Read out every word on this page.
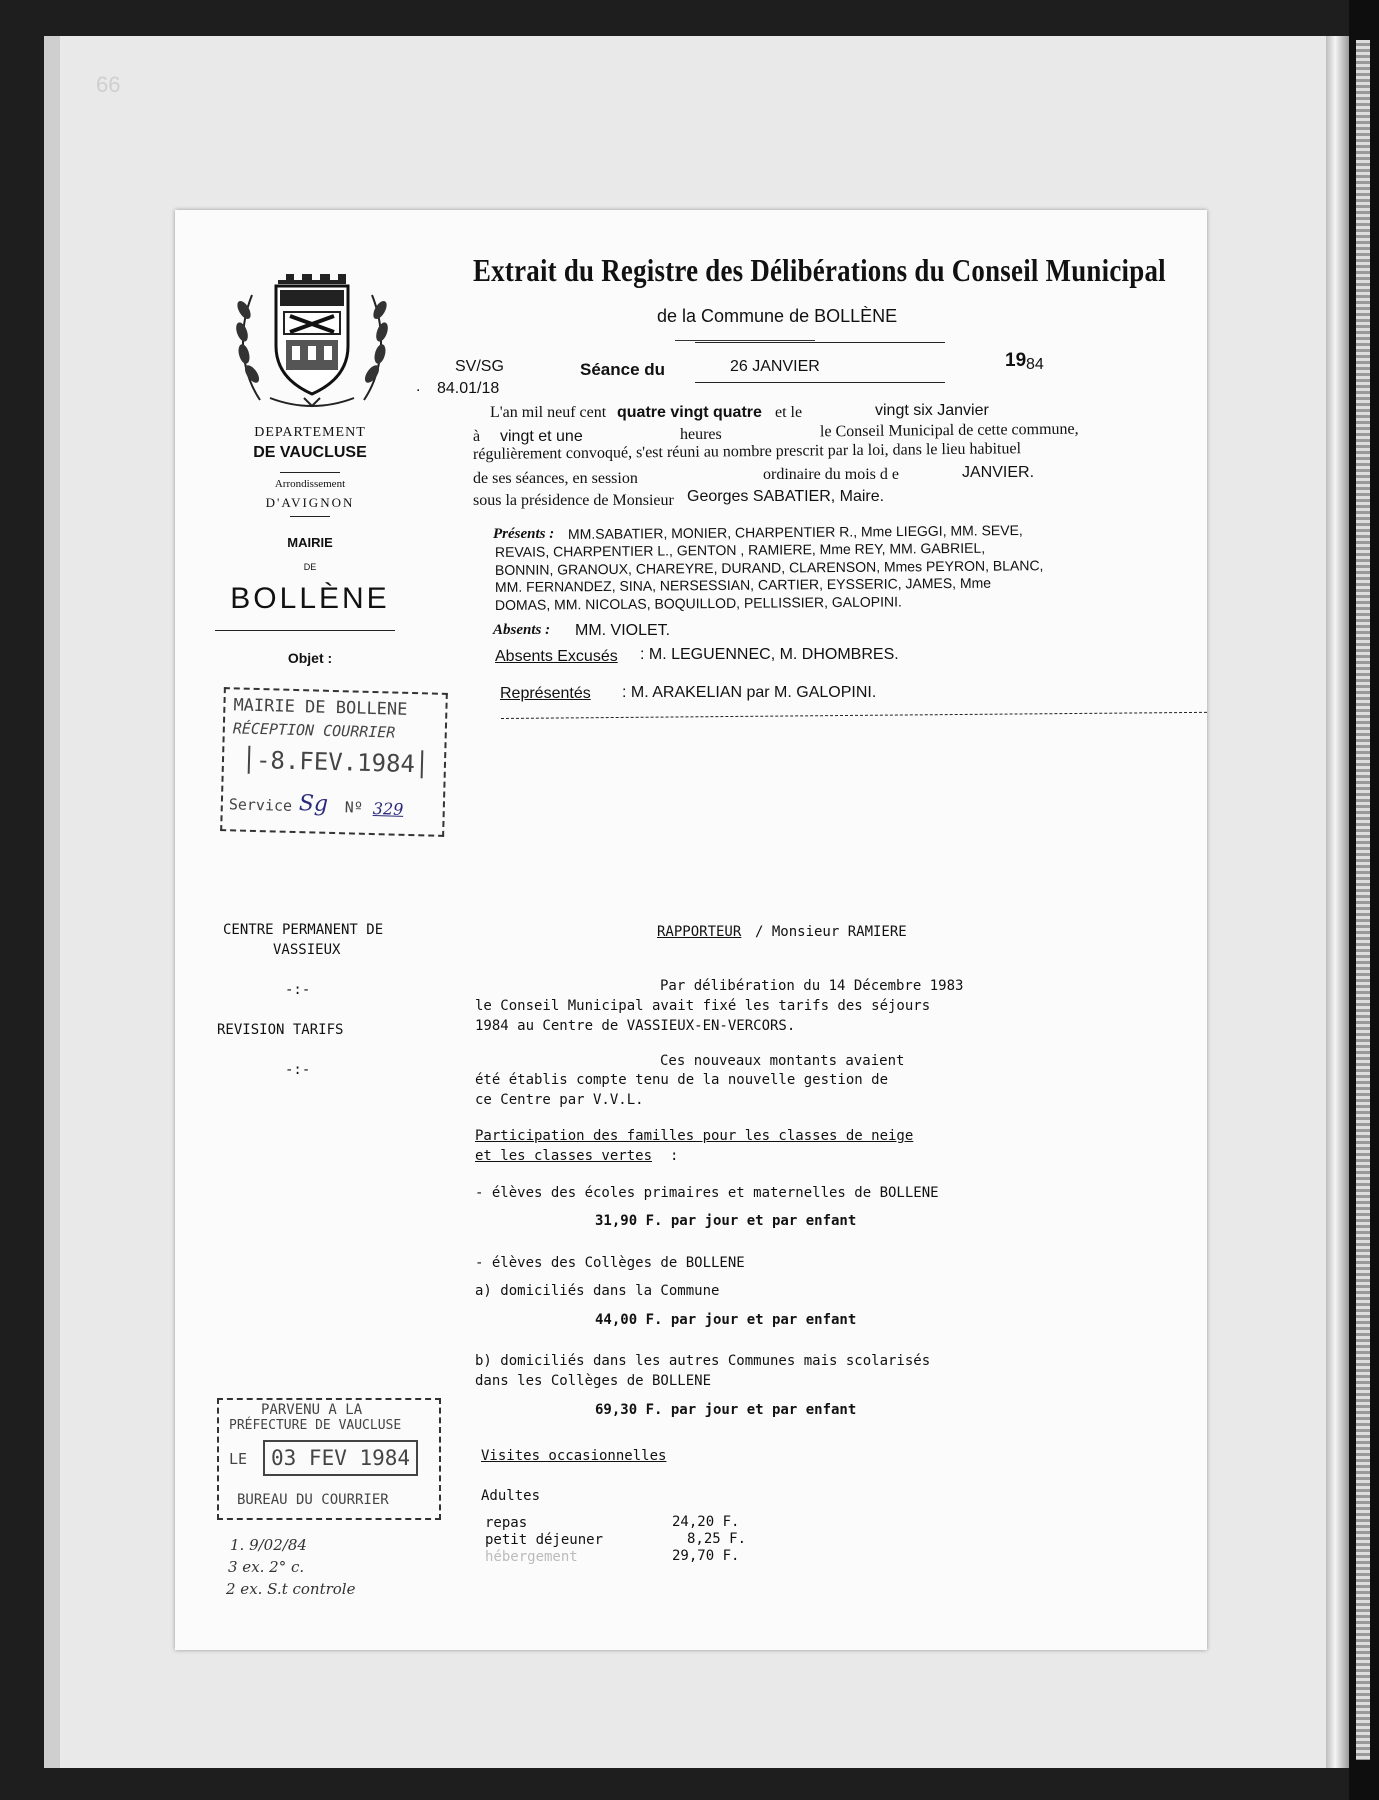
66
Extrait du Registre des Délibérations du Conseil Municipal
de la Commune de BOLLÈNE
SV/SG
84.01/18
.
Séance du	26 JANVIER	19 84
DEPARTEMENT
DE VAUCLUSE
Arrondissement
D'AVIGNON
MAIRIE
DE
BOLLÈNE
Objet :
MAIRIE DE BOLLENE
RÉCEPTION COURRIER
-8.FEV.1984
Service Sg Nº 329
L'an mil neuf cent quatre vingt quatre et le	vingt six Janvier
à vingt et une	heures	le Conseil Municipal de cette commune,
régulièrement convoqué, s'est réuni au nombre prescrit par la loi, dans le lieu habituel
de ses séances, en session	ordinaire du mois d e	JANVIER.
sous la présidence de Monsieur Georges SABATIER, Maire.
Présents : MM.SABATIER, MONIER, CHARPENTIER R., Mme LIEGGI, MM. SEVE,
REVAIS, CHARPENTIER L., GENTON , RAMIERE, Mme REY, MM. GABRIEL,
BONNIN, GRANOUX, CHAREYRE, DURAND, CLARENSON, Mmes PEYRON, BLANC,
MM. FERNANDEZ, SINA, NERSESSIAN, CARTIER, EYSSERIC, JAMES, Mme
DOMAS, MM. NICOLAS, BOQUILLOD, PELLISSIER, GALOPINI.
Absents : MM. VIOLET.
Absents Excusés : M. LEGUENNEC, M. DHOMBRES.
Représentés : M. ARAKELIAN par M. GALOPINI.
CENTRE PERMANENT DE
VASSIEUX
-:-
REVISION TARIFS
-:-
PARVENU A LA
PRÉFECTURE DE VAUCLUSE
LE	03 FEV 1984
BUREAU DU COURRIER
1. 9/02/84
3 ex. 2° c.
2 ex. S.t controle
RAPPORTEUR / Monsieur RAMIERE
Par délibération du 14 Décembre 1983
le Conseil Municipal avait fixé les tarifs des séjours
1984 au Centre de VASSIEUX-EN-VERCORS.
Ces nouveaux montants avaient
été établis compte tenu de la nouvelle gestion de
ce Centre par V.V.L.
Participation des familles pour les classes de neige
et les classes vertes :
- élèves des écoles primaires et maternelles de BOLLENE
31,90 F. par jour et par enfant
- élèves des Collèges de BOLLENE
a) domiciliés dans la Commune
44,00 F. par jour et par enfant
b) domiciliés dans les autres Communes mais scolarisés
dans les Collèges de BOLLENE
69,30 F. par jour et par enfant
Visites occasionnelles
Adultes
repas	24,20 F.
petit déjeuner	8,25 F.
hébergement	29,70 F.
